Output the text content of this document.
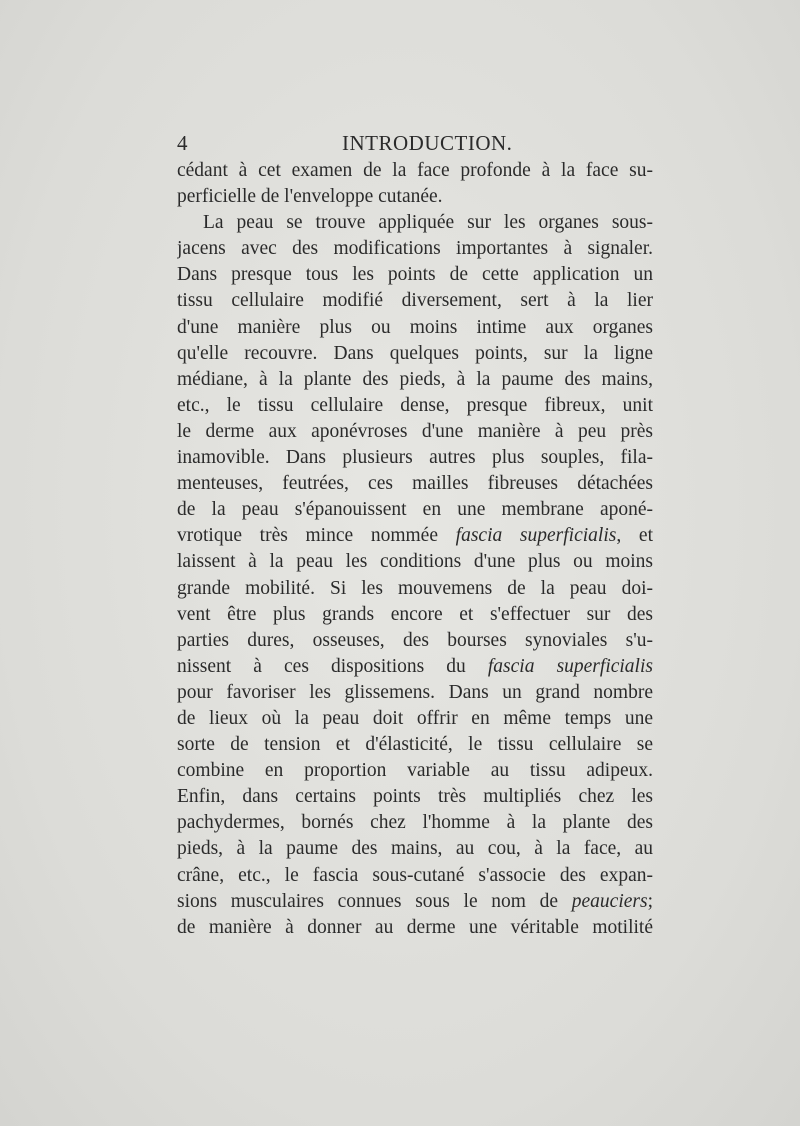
4	INTRODUCTION.
cédant à cet examen de la face profonde à la face su-
perficielle de l'enveloppe cutanée.
La peau se trouve appliquée sur les organes sous-
jacens avec des modifications importantes à signaler.
Dans presque tous les points de cette application un
tissu cellulaire modifié diversement, sert à la lier
d'une manière plus ou moins intime aux organes
qu'elle recouvre. Dans quelques points, sur la ligne
médiane, à la plante des pieds, à la paume des mains,
etc., le tissu cellulaire dense, presque fibreux, unit
le derme aux aponévroses d'une manière à peu près
inamovible. Dans plusieurs autres plus souples, fila-
menteuses, feutrées, ces mailles fibreuses détachées
de la peau s'épanouissent en une membrane aponé-
vrotique très mince nommée fascia superficialis, et
laissent à la peau les conditions d'une plus ou moins
grande mobilité. Si les mouvemens de la peau doi-
vent être plus grands encore et s'effectuer sur des
parties dures, osseuses, des bourses synoviales s'u-
nissent à ces dispositions du fascia superficialis
pour favoriser les glissemens. Dans un grand nombre
de lieux où la peau doit offrir en même temps une
sorte de tension et d'élasticité, le tissu cellulaire se
combine en proportion variable au tissu adipeux.
Enfin, dans certains points très multipliés chez les
pachydermes, bornés chez l'homme à la plante des
pieds, à la paume des mains, au cou, à la face, au
crâne, etc., le fascia sous-cutané s'associe des expan-
sions musculaires connues sous le nom de peauciers;
de manière à donner au derme une véritable motilité
